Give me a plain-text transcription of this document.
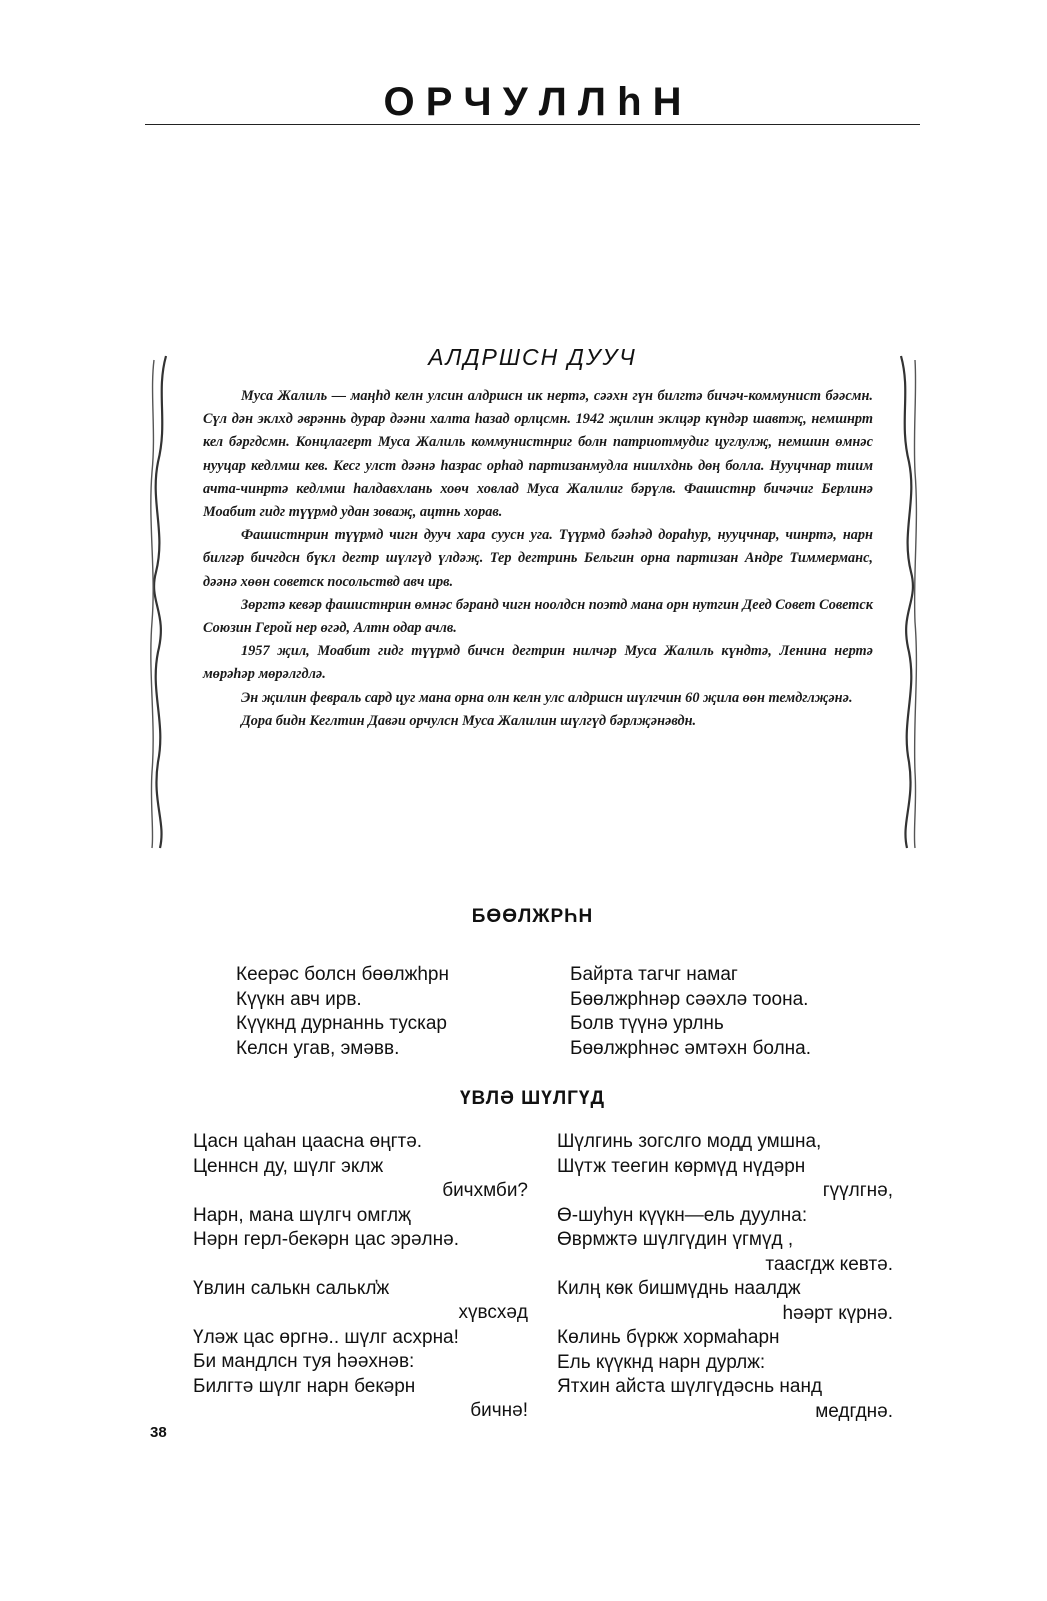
О Р Ч У Л Л һ Н
АЛДРШСН ДУУЧ

Муса Жалиль — маңһд келн улсин алдршсн ик нертә, сәәхн гүн билгтә бичәч-коммунист бәәсмн. Сүл дән эклхд әврәннь дурар дәәни халта һазад орлцсмн. 1942 җилин эклцәр күндәр шавтҗ, немшнрт кел бәргдсмн. Концлагерт Муса Жалиль коммунистнриг болн патриотмудиг цуглулҗ, немшин өмнәс нууцар кедлмш кев. Кесг улст дәәнә һазрас орһад партизанмудла ниилхднь дөң болла. Нууцчнар тиим ачта-чинртә кедлмш һалдавхлань хоөч ховлад Муса Жалилиг бәрүлв. Фашистнр бичәчиг Берлинә Моабит гидг түүрмд удан зоваҗ, ацтнь хорав.

Фашистнрин түүрмд чигн дууч хара суусн уга. Түүрмд бәәһәд дораһур, нууцчнар, чинртә, нарн билгәр бичгдсн бүкл дегтр шүлгүд үлдәҗ. Тер дегтринь Бельгин орна партизан Андре Тиммерманс, дәәнә хөөн советск посольствд авч ирв.

Зөргтә кевәр фашистнрин өмнәс бәранд чигн ноолдсн поэтд мана орн нутгин Деед Совет Советск Союзин Герой нер өгәд, Алтн одар ачлв.

1957 җил, Моабит гидг түүрмд бичсн дегтрин нилчәр Муса Жалиль күндтә, Ленина нертә мөрәһәр мөрәлгдлә.

Эн җилин февраль сард цуг мана орна олн келн улс алдршсн шүлгчин 60 җила өөн темдглҗәнә.

Дора бидн Кеглтин Давәи орчулсн Муса Жалилин шүлгүд бәрлҗәнәвдн.

БӨӨЛЖРҺН
Кеерәс болсн бөөлжһрн
Күүкн авч ирв.
Күүкнд дурнаннь тускар
Келсн угав, эмәвв.
Байрта тагчг намаг
Бөөлжрһнәр сәәхлә тоона.
Болв түүнә урлнь
Бөөлжрһнәс әмтәхн болна.
ҮВЛӘ ШҮЛГҮД
Цасн цаһан цаасна өңгтә.
Ценнсн ду, шүлг эклж
бичхмби?
Нарн, мана шүлгч омглҗ
Нәрн герл-бекәрн цас эрәлнә.
Үвлин салькн салькл҆ж
хүвсхәд
Үләж цас өргнә.. шүлг асхрна!
Би мандлсн туя һәәхнәв:
Билгтә шүлг нарн бекәрн
бичнә!
Шүлгинь зогслго модд умшна,
Шүтж теегин көрмүд нүдәрн
гүүлгнә,
Ө-шуһун күүкн—ель дуулна:
Өврмжтә шүлгүдин үгмүд ,
таасгдж кевтә.
Килң көк бишмүднь наалдж
һәәрт күрнә.
Көлинь бүркж хормаһарн
Ель күүкнд нарн дурлж:
Ятхин айста шүлгүдәснь нанд
медгднә.
38
